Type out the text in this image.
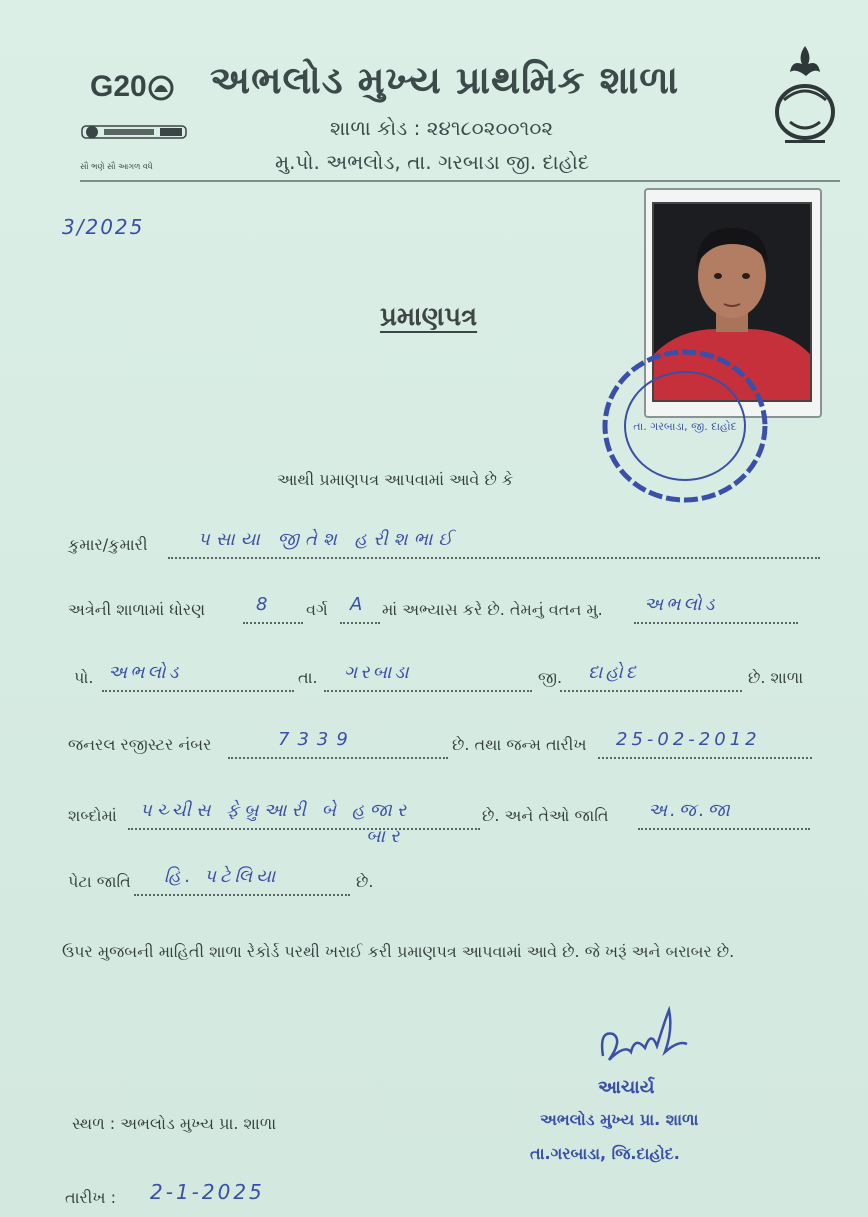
G20
સૌ ભણે સૌ આગળ વધે
અભલોડ મુખ્ય પ્રાથમિક શાળા
શાળા કોડ : ૨૪૧૮૦૨૦૦૧૦૨
મુ.પો. અભલોડ, તા. ગરબાડા જી. દાહોદ
3/2025
પ્રમાણપત્ર
તા. ગરબાડા, જી. દાહોદ
આથી પ્રમાણપત્ર આપવામાં આવે છે કે
કુમાર/કુમારી	પસાયા જીતેશ હરીશભાઈ
અત્રેની શાળામાં ધોરણ	8 વર્ગ A માં અભ્યાસ કરે છે. તેમનું વતન મુ. અભલોડ
પો. અભલોડ	તા. ગરબાડા	જી. દાહોદ	છે. શાળા
જનરલ રજીસ્ટર નંબર	7339	છે. તથા જન્મ તારીખ 25-02-2012
શબ્દોમાં પચ્ચીસ ફેબ્રુઆરી બે હજાર
બાર
છે. અને તેઓ જાતિ અ.જ.જા
પેટા જાતિ હિ. પટેલિયા	છે.
ઉપર મુજબની માહિતી શાળા રેકોર્ડ પરથી ખરાઈ કરી પ્રમાણપત્ર આપવામાં આવે છે. જે ખરૂં અને બરાબર છે.
આચાર્ય
અભલોડ મુખ્ય પ્રા. શાળા
તા.ગરબાડા, જિ.દાહોદ.
સ્થળ : અભલોડ મુખ્ય પ્રા. શાળા
તારીખ : 2-1-2025
